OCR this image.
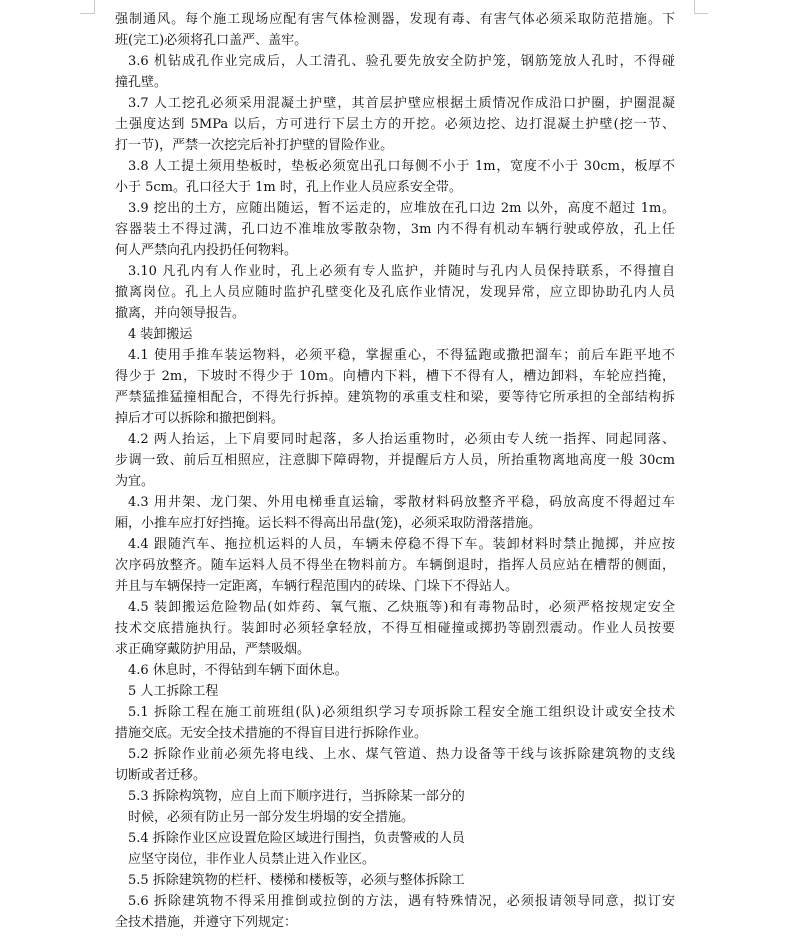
强制通风。每个施工现场应配有害气体检测器，发现有毒、有害气体必须采取防范措施。下
班(完工)必须将孔口盖严、盖牢。
3.6 机钻成孔作业完成后，人工清孔、验孔要先放安全防护笼，钢筋笼放人孔时，不得碰
撞孔壁。
3.7 人工挖孔必须采用混凝土护壁，其首层护壁应根据土质情况作成沿口护圈，护圈混凝
土强度达到 5MPa 以后，方可进行下层土方的开挖。必须边挖、边打混凝土护壁(挖一节、
打一节)，严禁一次挖完后补打护壁的冒险作业。
3.8 人工提土须用垫板时，垫板必须宽出孔口每侧不小于 1m，宽度不小于 30cm，板厚不
小于 5cm。孔口径大于 1m 时，孔上作业人员应系安全带。
3.9 挖出的土方，应随出随运，暂不运走的，应堆放在孔口边 2m 以外，高度不超过 1m。
容器装土不得过满，孔口边不准堆放零散杂物，3m 内不得有机动车辆行驶或停放，孔上任
何人严禁向孔内投扔任何物料。
3.10 凡孔内有人作业时，孔上必须有专人监护，并随时与孔内人员保持联系，不得擅自
撤离岗位。孔上人员应随时监护孔壁变化及孔底作业情况，发现异常，应立即协助孔内人员
撤离，并向领导报告。
4 装卸搬运
4.1 使用手推车装运物料，必须平稳，掌握重心，不得猛跑或撒把溜车；前后车距平地不
得少于 2m，下坡时不得少于 10m。向槽内下料，槽下不得有人，槽边卸料，车轮应挡掩，
严禁猛推猛撞相配合，不得先行拆掉。建筑物的承重支柱和梁，要等待它所承担的全部结构拆
掉后才可以拆除和撤把倒料。
4.2 两人抬运，上下肩要同时起落，多人抬运重物时，必须由专人统一指挥、同起同落、
步调一致、前后互相照应，注意脚下障碍物，并提醒后方人员，所抬重物离地高度一般 30cm
为宜。
4.3 用井架、龙门架、外用电梯垂直运输，零散材料码放整齐平稳，码放高度不得超过车
厢，小推车应打好挡掩。运长料不得高出吊盘(笼)，必须采取防滑落措施。
4.4 跟随汽车、拖拉机运料的人员，车辆未停稳不得下车。装卸材料时禁止抛掷，并应按
次序码放整齐。随车运料人员不得坐在物料前方。车辆倒退时，指挥人员应站在槽帮的侧面，
并且与车辆保持一定距离，车辆行程范围内的砖垛、门垛下不得站人。
4.5 装卸搬运危险物品(如炸药、氧气瓶、乙炔瓶等)和有毒物品时，必须严格按规定安全
技术交底措施执行。装卸时必须轻拿轻放，不得互相碰撞或掷扔等剧烈震动。作业人员按要
求正确穿戴防护用品，严禁吸烟。
4.6 休息时，不得钻到车辆下面休息。
5 人工拆除工程
5.1 拆除工程在施工前班组(队)必须组织学习专项拆除工程安全施工组织设计或安全技术
措施交底。无安全技术措施的不得盲目进行拆除作业。
5.2 拆除作业前必须先将电线、上水、煤气管道、热力设备等干线与该拆除建筑物的支线
切断或者迁移。
5.3 拆除构筑物，应自上而下顺序进行，当拆除某一部分的
时候，必须有防止另一部分发生坍塌的安全措施。
5.4 拆除作业区应设置危险区域进行围挡，负责警戒的人员
应坚守岗位，非作业人员禁止进入作业区。
5.5 拆除建筑物的栏杆、楼梯和楼板等，必须与整体拆除工
5.6 拆除建筑物不得采用推倒或拉倒的方法，遇有特殊情况，必须报请领导同意，拟订安
全技术措施，并遵守下列规定：
